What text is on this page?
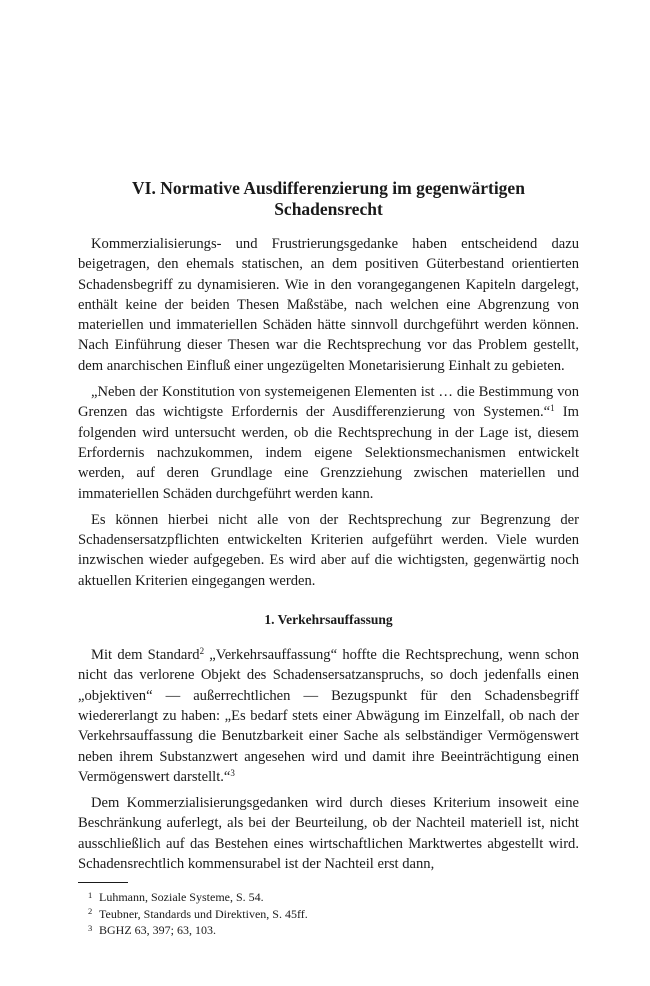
VI. Normative Ausdifferenzierung im gegenwärtigen
Schadensrecht

Kommerzialisierungs- und Frustrierungsgedanke haben entscheidend dazu beigetragen, den ehemals statischen, an dem positiven Güterbestand orientierten Schadensbegriff zu dynamisieren. Wie in den vorangegangenen Kapiteln dargelegt, enthält keine der beiden Thesen Maßstäbe, nach welchen eine Abgrenzung von materiellen und immateriellen Schäden hätte sinnvoll durchgeführt werden können. Nach Einführung dieser Thesen war die Rechtsprechung vor das Problem gestellt, dem anarchischen Einfluß einer ungezügelten Monetarisierung Einhalt zu gebieten.

„Neben der Konstitution von systemeigenen Elementen ist … die Bestimmung von Grenzen das wichtigste Erfordernis der Ausdifferenzierung von Systemen.“$^1$ Im folgenden wird untersucht werden, ob die Rechtsprechung in der Lage ist, diesem Erfordernis nachzukommen, indem eigene Selektionsmechanismen entwickelt werden, auf deren Grundlage eine Grenzziehung zwischen materiellen und immateriellen Schäden durchgeführt werden kann.

Es können hierbei nicht alle von der Rechtsprechung zur Begrenzung der Schadensersatzpflichten entwickelten Kriterien aufgeführt werden. Viele wurden inzwischen wieder aufgegeben. Es wird aber auf die wichtigsten, gegenwärtig noch aktuellen Kriterien eingegangen werden.

1. Verkehrsauffassung

Mit dem Standard$^2$ „Verkehrsauffassung“ hoffte die Rechtsprechung, wenn schon nicht das verlorene Objekt des Schadensersatzanspruchs, so doch jedenfalls einen „objektiven“ — außerrechtlichen — Bezugspunkt für den Schadensbegriff wiedererlangt zu haben: „Es bedarf stets einer Abwägung im Einzelfall, ob nach der Verkehrsauffassung die Benutzbarkeit einer Sache als selbständiger Vermögenswert neben ihrem Substanzwert angesehen wird und damit ihre Beeinträchtigung einen Vermögenswert darstellt.“$^3$

Dem Kommerzialisierungsgedanken wird durch dieses Kriterium insoweit eine Beschränkung auferlegt, als bei der Beurteilung, ob der Nachteil materiell ist, nicht ausschließlich auf das Bestehen eines wirtschaftlichen Marktwertes abgestellt wird. Schadensrechtlich kommensurabel ist der Nachteil erst dann,

1 Luhmann, Soziale Systeme, S. 54.
2 Teubner, Standards und Direktiven, S. 45ff.
3 BGHZ 63, 397; 63, 103.
